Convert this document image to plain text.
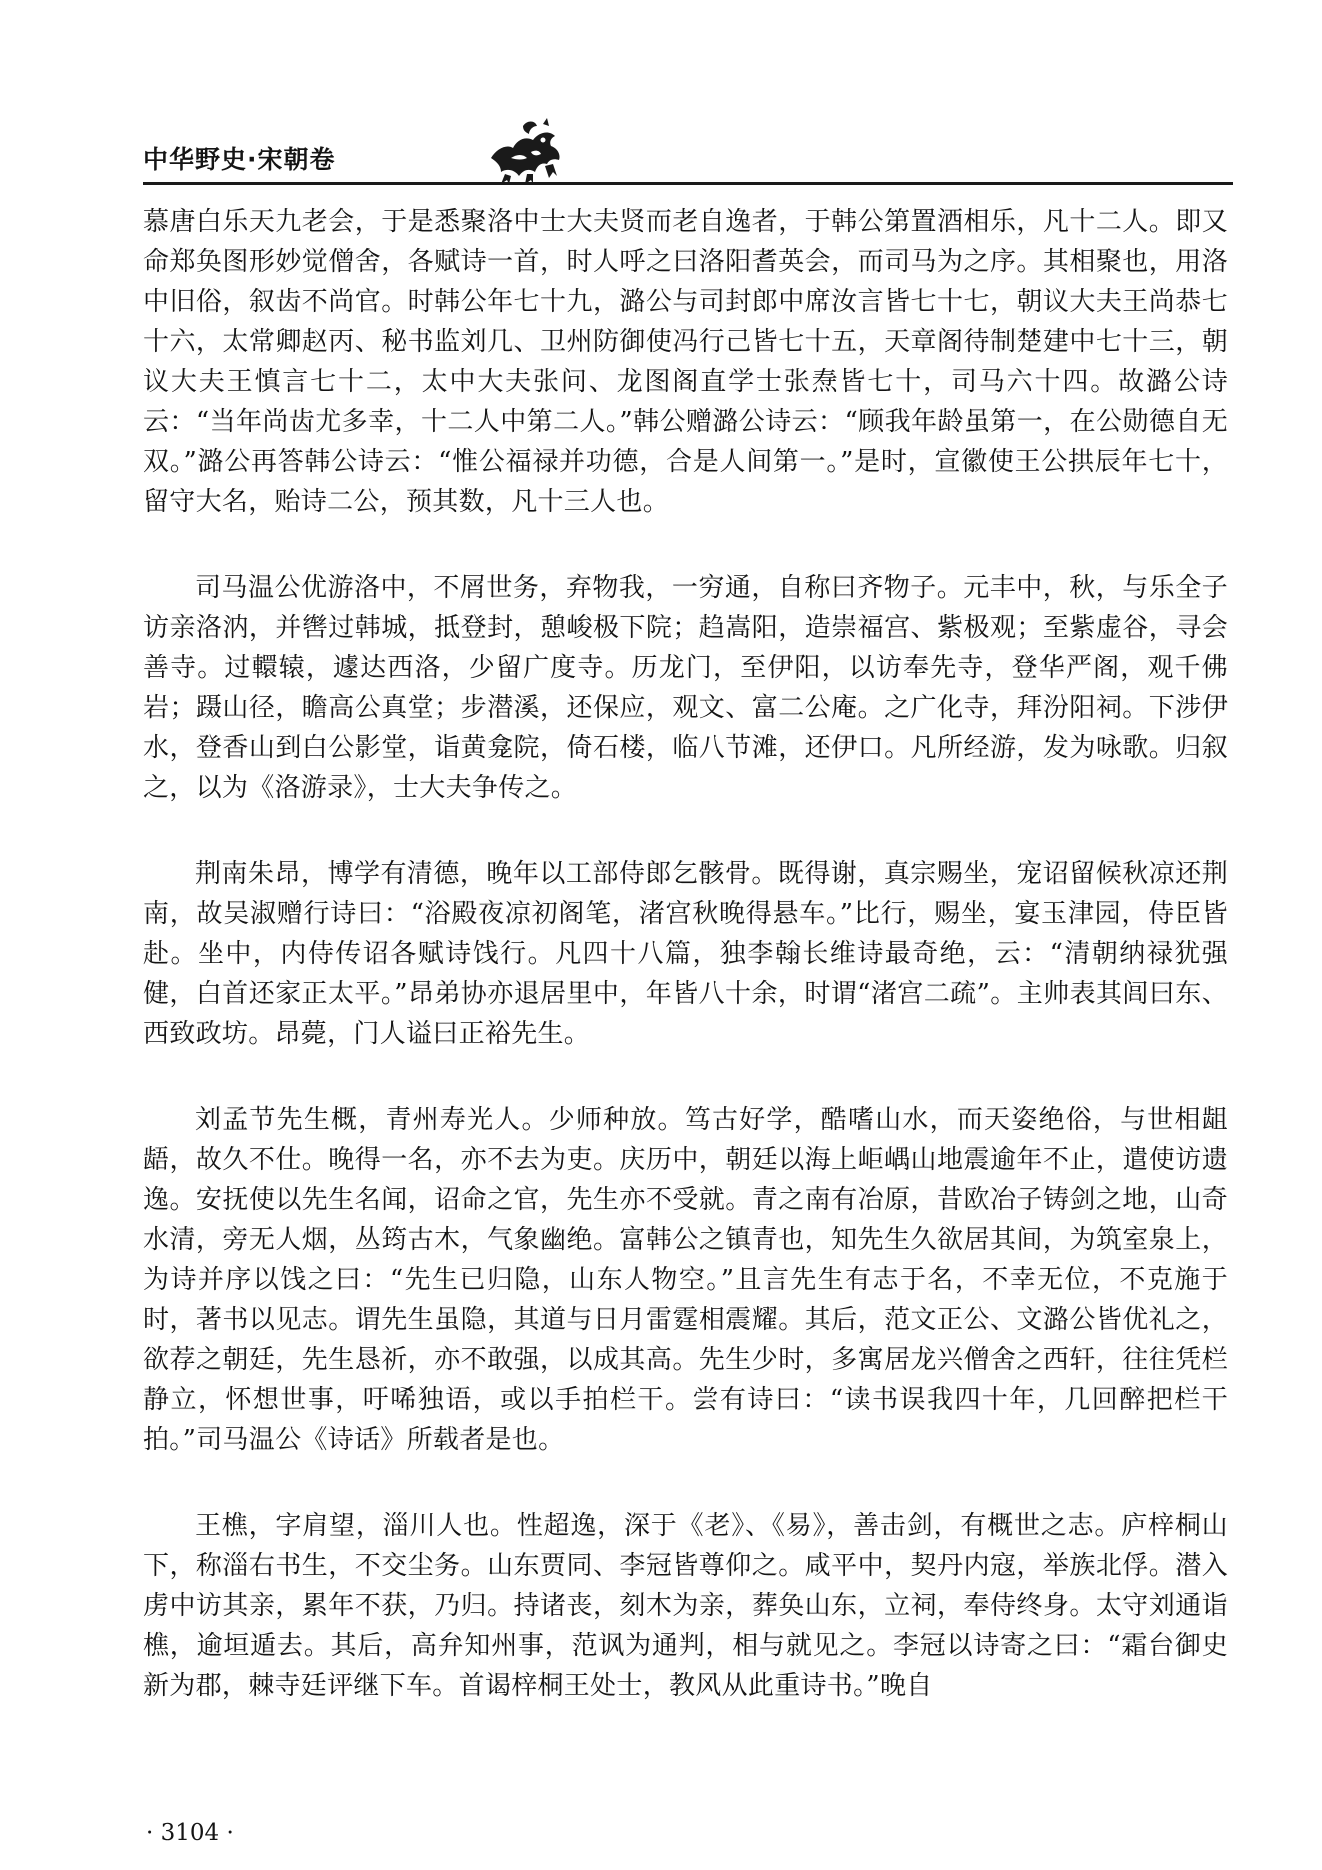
中华野史·宋朝卷

慕唐白乐天九老会，于是悉聚洛中士大夫贤而老自逸者，于韩公第置酒相乐，凡十二人。即又命郑奂图形妙觉僧舍，各赋诗一首，时人呼之曰洛阳耆英会，而司马为之序。其相聚也，用洛中旧俗，叙齿不尚官。时韩公年七十九，潞公与司封郎中席汝言皆七十七，朝议大夫王尚恭七十六，太常卿赵丙、秘书监刘几、卫州防御使冯行己皆七十五，天章阁待制楚建中七十三，朝议大夫王慎言七十二，太中大夫张问、龙图阁直学士张焘皆七十，司马六十四。故潞公诗云：“当年尚齿尤多幸，十二人中第二人。”韩公赠潞公诗云：“顾我年龄虽第一，在公勋德自无双。”潞公再答韩公诗云：“惟公福禄并功德，合是人间第一。”是时，宣徽使王公拱辰年七十，留守大名，贻诗二公，预其数，凡十三人也。

司马温公优游洛中，不屑世务，弃物我，一穷通，自称曰齐物子。元丰中，秋，与乐全子访亲洛汭，并辔过韩城，抵登封，憩峻极下院；趋嵩阳，造崇福宫、紫极观；至紫虚谷，寻会善寺。过轘辕，遽达西洛，少留广度寺。历龙门，至伊阳，以访奉先寺，登华严阁，观千佛岩；蹑山径，瞻高公真堂；步潜溪，还保应，观文、富二公庵。之广化寺，拜汾阳祠。下涉伊水，登香山到白公影堂，诣黄龛院，倚石楼，临八节滩，还伊口。凡所经游，发为咏歌。归叙之，以为《洛游录》，士大夫争传之。

荆南朱昂，博学有清德，晚年以工部侍郎乞骸骨。既得谢，真宗赐坐，宠诏留候秋凉还荆南，故吴淑赠行诗曰：“浴殿夜凉初阁笔，渚宫秋晚得悬车。”比行，赐坐，宴玉津园，侍臣皆赴。坐中，内侍传诏各赋诗饯行。凡四十八篇，独李翰长维诗最奇绝，云：“清朝纳禄犹强健，白首还家正太平。”昂弟协亦退居里中，年皆八十余，时谓“渚宫二疏”。主帅表其闾曰东、西致政坊。昂薨，门人谥曰正裕先生。

刘孟节先生概，青州寿光人。少师种放。笃古好学，酷嗜山水，而天姿绝俗，与世相龃龉，故久不仕。晚得一名，亦不去为吏。庆历中，朝廷以海上岠嵎山地震逾年不止，遣使访遗逸。安抚使以先生名闻，诏命之官，先生亦不受就。青之南有冶原，昔欧冶子铸剑之地，山奇水清，旁无人烟，丛筠古木，气象幽绝。富韩公之镇青也，知先生久欲居其间，为筑室泉上，为诗并序以饯之曰：“先生已归隐，山东人物空。”且言先生有志于名，不幸无位，不克施于时，著书以见志。谓先生虽隐，其道与日月雷霆相震耀。其后，范文正公、文潞公皆优礼之，欲荐之朝廷，先生恳祈，亦不敢强，以成其高。先生少时，多寓居龙兴僧舍之西轩，往往凭栏静立，怀想世事，吁唏独语，或以手拍栏干。尝有诗曰：“读书误我四十年，几回醉把栏干拍。”司马温公《诗话》所载者是也。

王樵，字肩望，淄川人也。性超逸，深于《老》、《易》，善击剑，有概世之志。庐梓桐山下，称淄右书生，不交尘务。山东贾同、李冠皆尊仰之。咸平中，契丹内寇，举族北俘。潜入虏中访其亲，累年不获，乃归。持诸丧，刻木为亲，葬奂山东，立祠，奉侍终身。太守刘通诣樵，逾垣遁去。其后，高弁知州事，范讽为通判，相与就见之。李冠以诗寄之曰：“霜台御史新为郡，棘寺廷评继下车。首谒梓桐王处士，教风从此重诗书。”晚自

· 3104 ·
